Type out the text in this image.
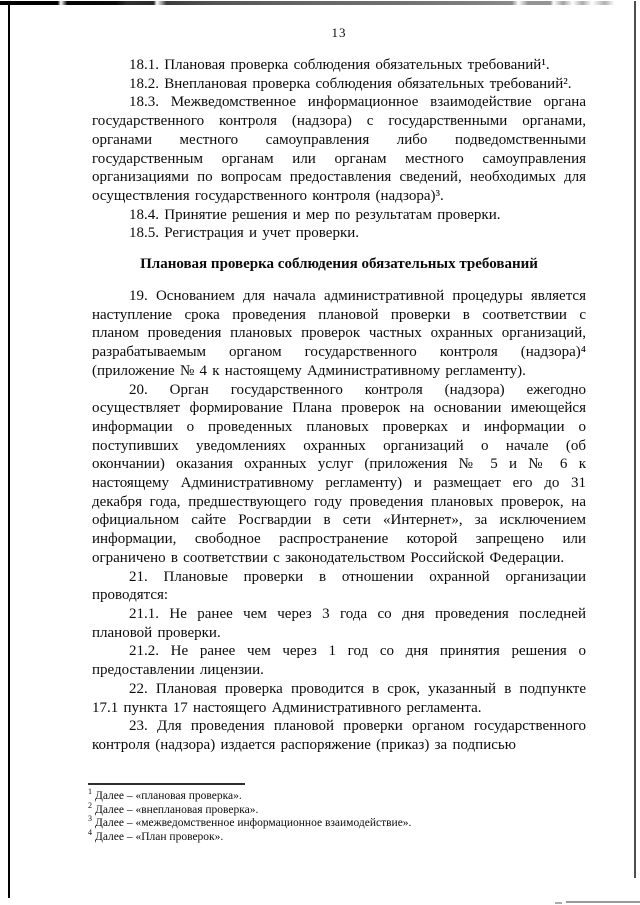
13

18.1. Плановая проверка соблюдения обязательных требований¹.

18.2. Внеплановая проверка соблюдения обязательных требований².

18.3. Межведомственное информационное взаимодействие органа государственного контроля (надзора) с государственными органами, органами местного самоуправления либо подведомственными государственным органам или органам местного самоуправления организациями по вопросам предоставления сведений, необходимых для осуществления государственного контроля (надзора)³.

18.4. Принятие решения и мер по результатам проверки.

18.5. Регистрация и учет проверки.

Плановая проверка соблюдения обязательных требований

19. Основанием для начала административной процедуры является наступление срока проведения плановой проверки в соответствии с планом проведения плановых проверок частных охранных организаций, разрабатываемым органом государственного контроля (надзора)⁴ (приложение № 4 к настоящему Административному регламенту).

20. Орган государственного контроля (надзора) ежегодно осуществляет формирование Плана проверок на основании имеющейся информации о проведенных плановых проверках и информации о поступивших уведомлениях охранных организаций о начале (об окончании) оказания охранных услуг (приложения № 5 и № 6 к настоящему Административному регламенту) и размещает его до 31 декабря года, предшествующего году проведения плановых проверок, на официальном сайте Росгвардии в сети «Интернет», за исключением информации, свободное распространение которой запрещено или ограничено в соответствии с законодательством Российской Федерации.

21. Плановые проверки в отношении охранной организации проводятся:

21.1. Не ранее чем через 3 года со дня проведения последней плановой проверки.

21.2. Не ранее чем через 1 год со дня принятия решения о предоставлении лицензии.

22. Плановая проверка проводится в срок, указанный в подпункте 17.1 пункта 17 настоящего Административного регламента.

23. Для проведения плановой проверки органом государственного контроля (надзора) издается распоряжение (приказ) за подписью

$^1$ Далее – «плановая проверка».
$^2$ Далее – «внеплановая проверка».
$^3$ Далее – «межведомственное информационное взаимодействие».
$^4$ Далее – «План проверок».
